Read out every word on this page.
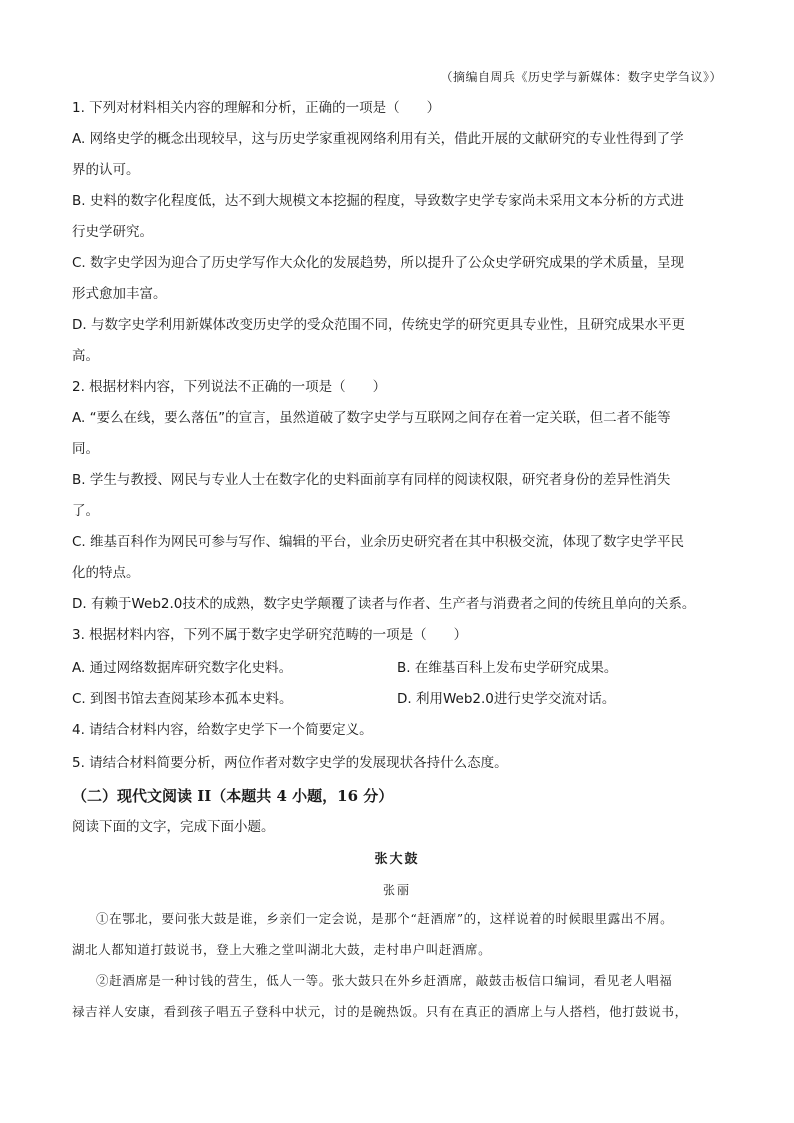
（摘编自周兵《历史学与新媒体：数字史学刍议》）
1. 下列对材料相关内容的理解和分析，正确的一项是（　　）
A. 网络史学的概念出现较早，这与历史学家重视网络利用有关，借此开展的文献研究的专业性得到了学
界的认可。
B. 史料的数字化程度低，达不到大规模文本挖掘的程度，导致数字史学专家尚未采用文本分析的方式进
行史学研究。
C. 数字史学因为迎合了历史学写作大众化的发展趋势，所以提升了公众史学研究成果的学术质量，呈现
形式愈加丰富。
D. 与数字史学利用新媒体改变历史学的受众范围不同，传统史学的研究更具专业性，且研究成果水平更
高。
2. 根据材料内容，下列说法不正确的一项是（　　）
A. “要么在线，要么落伍”的宣言，虽然道破了数字史学与互联网之间存在着一定关联，但二者不能等
同。
B. 学生与教授、网民与专业人士在数字化的史料面前享有同样的阅读权限，研究者身份的差异性消失
了。
C. 维基百科作为网民可参与写作、编辑的平台，业余历史研究者在其中积极交流，体现了数字史学平民
化的特点。
D. 有赖于Web2.0技术的成熟，数字史学颠覆了读者与作者、生产者与消费者之间的传统且单向的关系。
3. 根据材料内容，下列不属于数字史学研究范畴的一项是（　　）
A. 通过网络数据库研究数字化史料。	B. 在维基百科上发布史学研究成果。
C. 到图书馆去查阅某珍本孤本史料。	D. 利用Web2.0进行史学交流对话。
4. 请结合材料内容，给数字史学下一个简要定义。
5. 请结合材料简要分析，两位作者对数字史学的发展现状各持什么态度。
（二）现代文阅读 II（本题共 4 小题，16 分）
阅读下面的文字，完成下面小题。
张大鼓
张丽
①在鄂北，要问张大鼓是谁，乡亲们一定会说，是那个“赶酒席”的，这样说着的时候眼里露出不屑。
湖北人都知道打鼓说书，登上大雅之堂叫湖北大鼓，走村串户叫赶酒席。
②赶酒席是一种讨钱的营生，低人一等。张大鼓只在外乡赶酒席，敲鼓击板信口编词，看见老人唱福
禄吉祥人安康，看到孩子唱五子登科中状元，讨的是碗热饭。只有在真正的酒席上与人搭档，他打鼓说书，
